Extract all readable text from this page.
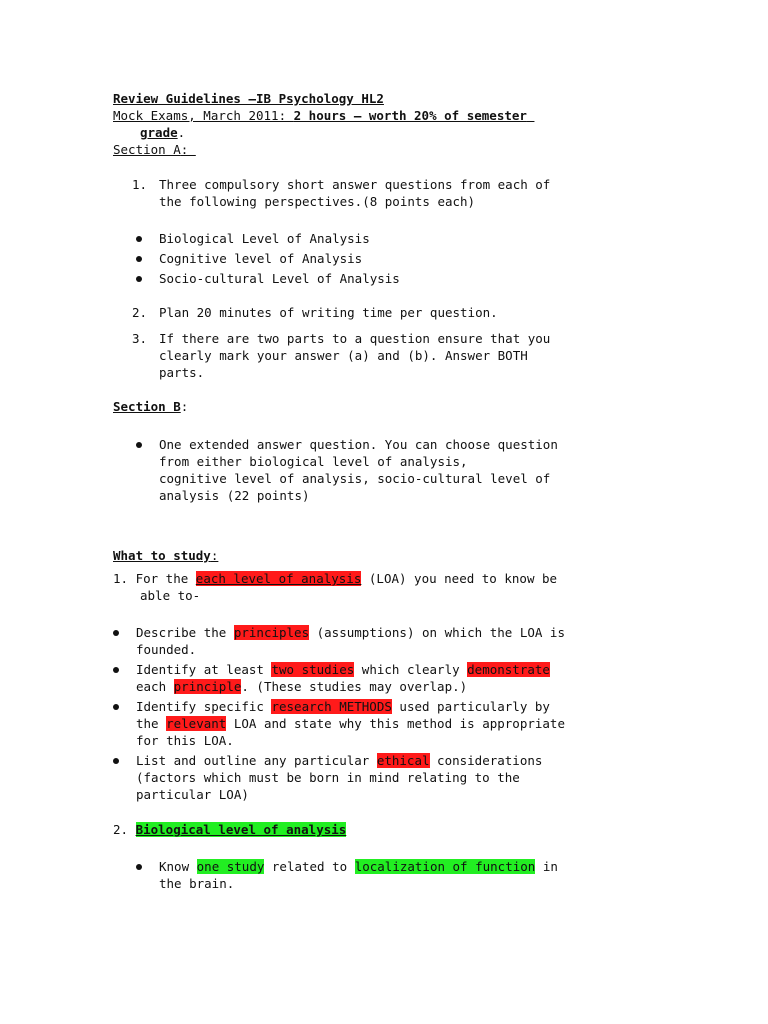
Review Guidelines –IB Psychology HL2
Mock Exams, March 2011: 2 hours – worth 20% of semester
grade.
Section A:
1. Three compulsory short answer questions from each of
the following perspectives.(8 points each)
Biological Level of Analysis
Cognitive level of Analysis
Socio-cultural Level of Analysis
2. Plan 20 minutes of writing time per question.
3. If there are two parts to a question ensure that you
clearly mark your answer (a) and (b). Answer BOTH
parts.
Section B:
One extended answer question. You can choose question
from either biological level of analysis,
cognitive level of analysis, socio-cultural level of
analysis (22 points)
What to study:
1. For the each level of analysis (LOA) you need to know be
able to-
Describe the principles (assumptions) on which the LOA is
founded.
Identify at least two studies which clearly demonstrate
each principle. (These studies may overlap.)
Identify specific research METHODS used particularly by
the relevant LOA and state why this method is appropriate
for this LOA.
List and outline any particular ethical considerations
(factors which must be born in mind relating to the
particular LOA)
2. Biological level of analysis
Know one study related to localization of function in
the brain.
